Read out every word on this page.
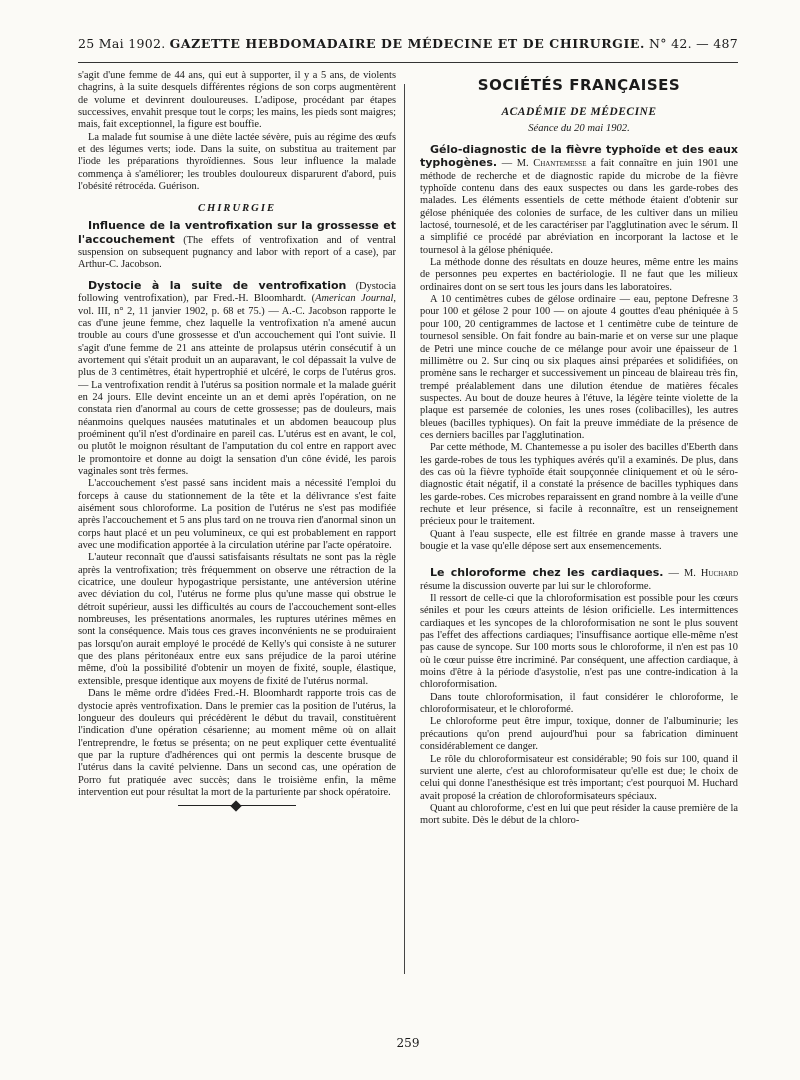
25 Mai 1902. GAZETTE HEBDOMADAIRE DE MÉDECINE ET DE CHIRURGIE. N° 42. — 487

s'agit d'une femme de 44 ans, qui eut à supporter, il y a 5 ans, de violents chagrins, à la suite desquels différentes régions de son corps augmentèrent de volume et devinrent douloureuses. L'adipose, procédant par étapes successives, envahit presque tout le corps; les mains, les pieds sont maigres; mais, fait exceptionnel, la figure est bouffie.

La malade fut soumise à une diète lactée sévère, puis au régime des œufs et des légumes verts; iode. Dans la suite, on substitua au traitement par l'iode les préparations thyroïdiennes. Sous leur influence la malade commença à s'améliorer; les troubles douloureux disparurent d'abord, puis l'obésité rétrocéda. Guérison.

CHIRURGIE

Influence de la ventrofixation sur la grossesse et l'accouchement (The effets of ventrofixation and of ventral suspension on subsequent pugnancy and labor with report of a case), par Arthur-C. Jacobson.

Dystocie à la suite de ventrofixation (Dystocia following ventrofixation), par Fred.-H. Bloomhardt. (American Journal, vol. III, n° 2, 11 janvier 1902, p. 68 et 75.) — A.-C. Jacobson rapporte le cas d'une jeune femme, chez laquelle la ventrofixation n'a amené aucun trouble au cours d'une grossesse et d'un accouchement qui l'ont suivie. Il s'agit d'une femme de 21 ans atteinte de prolapsus utérin consécutif à un avortement qui s'était produit un an auparavant, le col dépassait la vulve de plus de 3 centimètres, était hypertrophié et ulcéré, le corps de l'utérus gros. — La ventrofixation rendit à l'utérus sa position normale et la malade guérit en 24 jours. Elle devint enceinte un an et demi après l'opération, on ne constata rien d'anormal au cours de cette grossesse; pas de douleurs, mais néanmoins quelques nausées matutinales et un abdomen beaucoup plus proéminent qu'il n'est d'ordinaire en pareil cas. L'utérus est en avant, le col, ou plutôt le moignon résultant de l'amputation du col entre en rapport avec le promontoire et donne au doigt la sensation d'un cône évidé, les parois vaginales sont très fermes.

L'accouchement s'est passé sans incident mais a nécessité l'emploi du forceps à cause du stationnement de la tête et la délivrance s'est faite aisément sous chloroforme. La position de l'utérus ne s'est pas modifiée après l'accouchement et 5 ans plus tard on ne trouva rien d'anormal sinon un corps haut placé et un peu volumineux, ce qui est probablement en rapport avec une modification apportée à la circulation utérine par l'acte opératoire.

L'auteur reconnaît que d'aussi satisfaisants résultats ne sont pas la règle après la ventrofixation; très fréquemment on observe une rétraction de la cicatrice, une douleur hypogastrique persistante, une antéversion utérine avec déviation du col, l'utérus ne forme plus qu'une masse qui obstrue le détroit supérieur, aussi les difficultés au cours de l'accouchement sont-elles nombreuses, les présentations anormales, les ruptures utérines mêmes en sont la conséquence. Mais tous ces graves inconvénients ne se produiraient pas lorsqu'on aurait employé le procédé de Kelly's qui consiste à ne suturer que des plans péritonéaux entre eux sans préjudice de la paroi utérine même, d'où la possibilité d'obtenir un moyen de fixité, souple, élastique, extensible, presque identique aux moyens de fixité de l'utérus normal.

Dans le même ordre d'idées Fred.-H. Bloomhardt rapporte trois cas de dystocie après ventrofixation. Dans le premier cas la position de l'utérus, la longueur des douleurs qui précédèrent le début du travail, constituèrent l'indication d'une opération césarienne; au moment même où on allait l'entreprendre, le fœtus se présenta; on ne peut expliquer cette éventualité que par la rupture d'adhérences qui ont permis la descente brusque de l'utérus dans la cavité pelvienne. Dans un second cas, une opération de Porro fut pratiquée avec succès; dans le troisième enfin, la même intervention eut pour résultat la mort de la parturiente par shock opératoire.

SOCIÉTÉS FRANÇAISES
ACADÉMIE DE MÉDECINE
Séance du 20 mai 1902.

Gélo-diagnostic de la fièvre typhoïde et des eaux typhogènes. — M. Chantemesse a fait connaître en juin 1901 une méthode de recherche et de diagnostic rapide du microbe de la fièvre typhoïde contenu dans des eaux suspectes ou dans les garde-robes des malades. Les éléments essentiels de cette méthode étaient d'obtenir sur gélose phéniquée des colonies de surface, de les cultiver dans un milieu lactosé, tournesolé, et de les caractériser par l'agglutination avec le sérum. Il a simplifié ce procédé par abréviation en incorporant la lactose et le tournesol à la gélose phéniquée.

La méthode donne des résultats en douze heures, même entre les mains de personnes peu expertes en bactériologie. Il ne faut que les milieux ordinaires dont on se sert tous les jours dans les laboratoires.

A 10 centimètres cubes de gélose ordinaire — eau, peptone Defresne 3 pour 100 et gélose 2 pour 100 — on ajoute 4 gouttes d'eau phéniquée à 5 pour 100, 20 centigrammes de lactose et 1 centimètre cube de teinture de tournesol sensible. On fait fondre au bain-marie et on verse sur une plaque de Petri une mince couche de ce mélange pour avoir une épaisseur de 1 millimètre ou 2. Sur cinq ou six plaques ainsi préparées et solidifiées, on promène sans le recharger et successivement un pinceau de blaireau très fin, trempé préalablement dans une dilution étendue de matières fécales suspectes. Au bout de douze heures à l'étuve, la légère teinte violette de la plaque est parsemée de colonies, les unes roses (colibacilles), les autres bleues (bacilles typhiques). On fait la preuve immédiate de la présence de ces derniers bacilles par l'agglutination.

Par cette méthode, M. Chantemesse a pu isoler des bacilles d'Eberth dans les garde-robes de tous les typhiques avérés qu'il a examinés. De plus, dans des cas où la fièvre typhoïde était soupçonnée cliniquement et où le séro-diagnostic était négatif, il a constaté la présence de bacilles typhiques dans les garde-robes. Ces microbes reparaissent en grand nombre à la veille d'une rechute et leur présence, si facile à reconnaître, est un renseignement précieux pour le traitement.

Quant à l'eau suspecte, elle est filtrée en grande masse à travers une bougie et la vase qu'elle dépose sert aux ensemencements.

Le chloroforme chez les cardiaques. — M. Huchard résume la discussion ouverte par lui sur le chloroforme.

Il ressort de celle-ci que la chloroformisation est possible pour les cœurs séniles et pour les cœurs atteints de lésion orificielle. Les intermittences cardiaques et les syncopes de la chloroformisation ne sont le plus souvent pas l'effet des affections cardiaques; l'insuffisance aortique elle-même n'est pas cause de syncope. Sur 100 morts sous le chloroforme, il n'en est pas 10 où le cœur puisse être incriminé. Par conséquent, une affection cardiaque, à moins d'être à la période d'asystolie, n'est pas une contre-indication à la chloroformisation.

Dans toute chloroformisation, il faut considérer le chloroforme, le chloroformisateur, et le chloroformé.

Le chloroforme peut être impur, toxique, donner de l'albuminurie; les précautions qu'on prend aujourd'hui pour sa fabrication diminuent considérablement ce danger.

Le rôle du chloroformisateur est considérable; 90 fois sur 100, quand il survient une alerte, c'est au chloroformisateur qu'elle est due; le choix de celui qui donne l'anesthésique est très important; c'est pourquoi M. Huchard avait proposé la création de chloroformisateurs spéciaux.

Quant au chloroforme, c'est en lui que peut résider la cause première de la mort subite. Dès le début de la chloro-

259
